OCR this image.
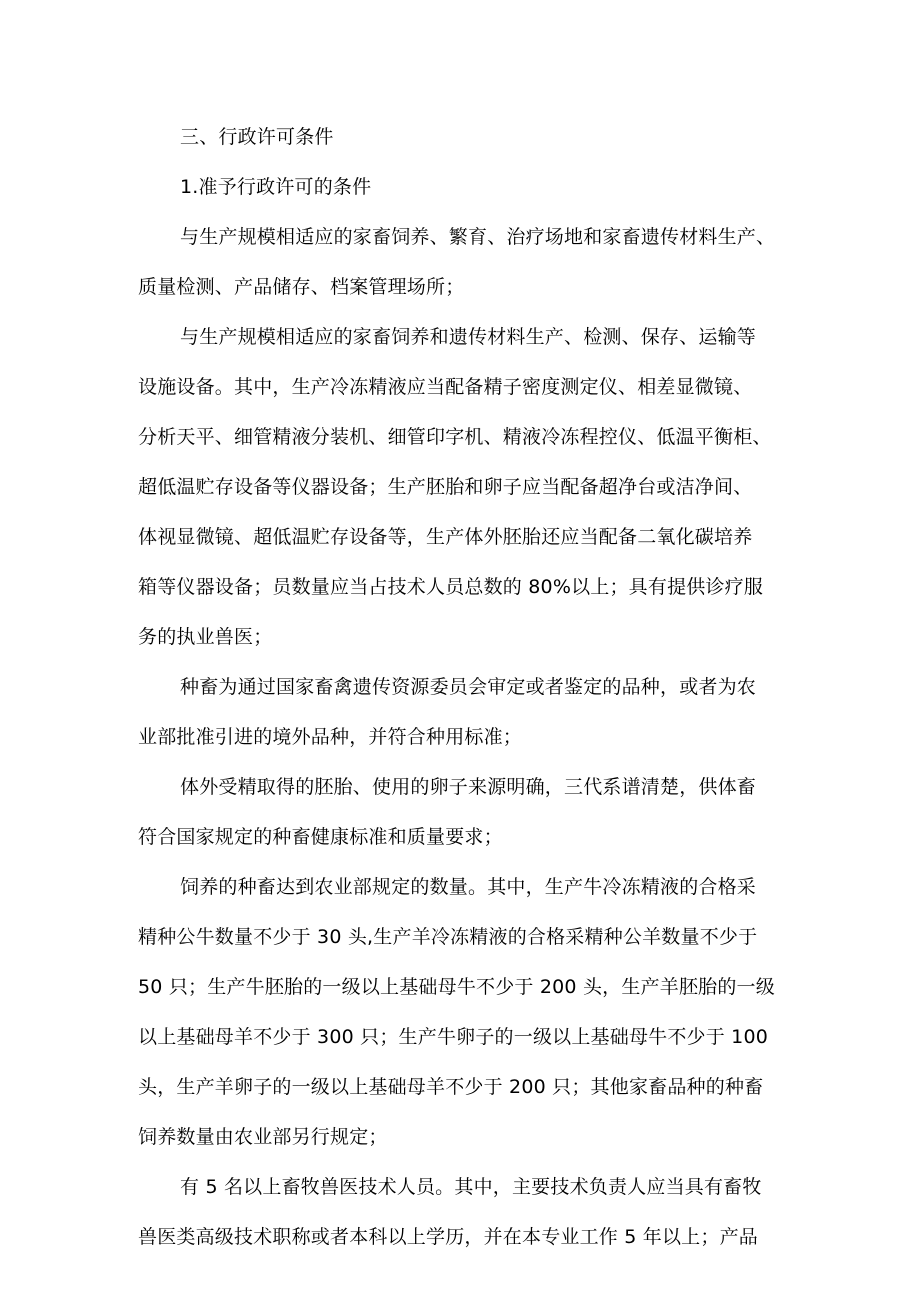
三、行政许可条件
1.准予行政许可的条件
与生产规模相适应的家畜饲养、繁育、治疗场地和家畜遗传材料生产、
质量检测、产品储存、档案管理场所；
与生产规模相适应的家畜饲养和遗传材料生产、检测、保存、运输等
设施设备。其中，生产冷冻精液应当配备精子密度测定仪、相差显微镜、
分析天平、细管精液分装机、细管印字机、精液冷冻程控仪、低温平衡柜、
超低温贮存设备等仪器设备；生产胚胎和卵子应当配备超净台或洁净间、
体视显微镜、超低温贮存设备等，生产体外胚胎还应当配备二氧化碳培养
箱等仪器设备；员数量应当占技术人员总数的 80%以上；具有提供诊疗服
务的执业兽医；
种畜为通过国家畜禽遗传资源委员会审定或者鉴定的品种，或者为农
业部批准引进的境外品种，并符合种用标准；
体外受精取得的胚胎、使用的卵子来源明确，三代系谱清楚，供体畜
符合国家规定的种畜健康标准和质量要求；
饲养的种畜达到农业部规定的数量。其中，生产牛冷冻精液的合格采
精种公牛数量不少于 30 头,生产羊冷冻精液的合格采精种公羊数量不少于
50 只；生产牛胚胎的一级以上基础母牛不少于 200 头，生产羊胚胎的一级
以上基础母羊不少于 300 只；生产牛卵子的一级以上基础母牛不少于 100
头，生产羊卵子的一级以上基础母羊不少于 200 只；其他家畜品种的种畜
饲养数量由农业部另行规定；
有 5 名以上畜牧兽医技术人员。其中，主要技术负责人应当具有畜牧
兽医类高级技术职称或者本科以上学历，并在本专业工作 5 年以上；产品
